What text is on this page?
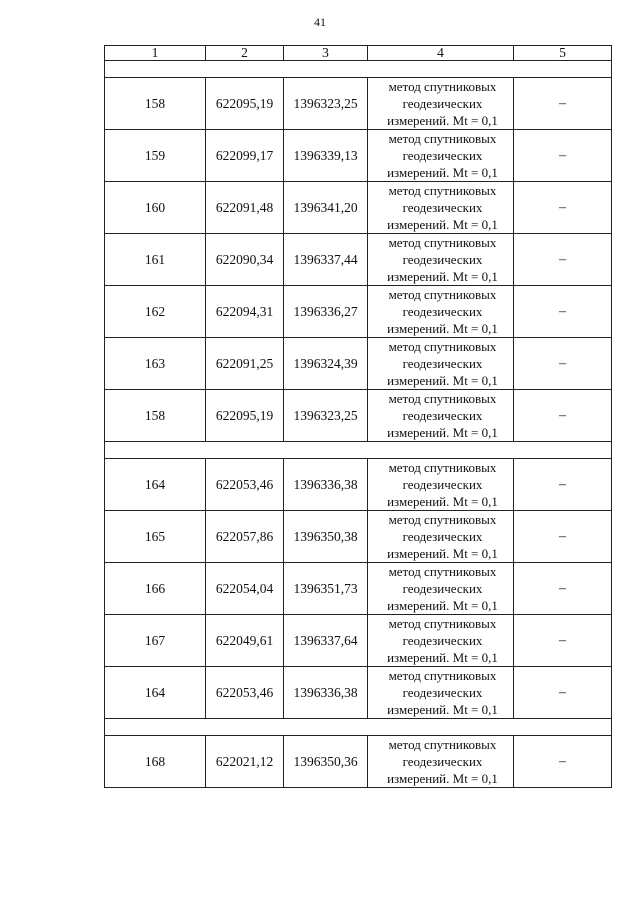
41
1	2	3	4	5

158	622095,19	1396323,25	метод спутниковых
геодезических
измерений. Mt = 0,1	–
159	622099,17	1396339,13	метод спутниковых
геодезических
измерений. Mt = 0,1	–
160	622091,48	1396341,20	метод спутниковых
геодезических
измерений. Mt = 0,1	–
161	622090,34	1396337,44	метод спутниковых
геодезических
измерений. Mt = 0,1	–
162	622094,31	1396336,27	метод спутниковых
геодезических
измерений. Mt = 0,1	–
163	622091,25	1396324,39	метод спутниковых
геодезических
измерений. Mt = 0,1	–
158	622095,19	1396323,25	метод спутниковых
геодезических
измерений. Mt = 0,1	–

164	622053,46	1396336,38	метод спутниковых
геодезических
измерений. Mt = 0,1	–
165	622057,86	1396350,38	метод спутниковых
геодезических
измерений. Mt = 0,1	–
166	622054,04	1396351,73	метод спутниковых
геодезических
измерений. Mt = 0,1	–
167	622049,61	1396337,64	метод спутниковых
геодезических
измерений. Mt = 0,1	–
164	622053,46	1396336,38	метод спутниковых
геодезических
измерений. Mt = 0,1	–

168	622021,12	1396350,36	метод спутниковых
геодезических
измерений. Mt = 0,1	–
